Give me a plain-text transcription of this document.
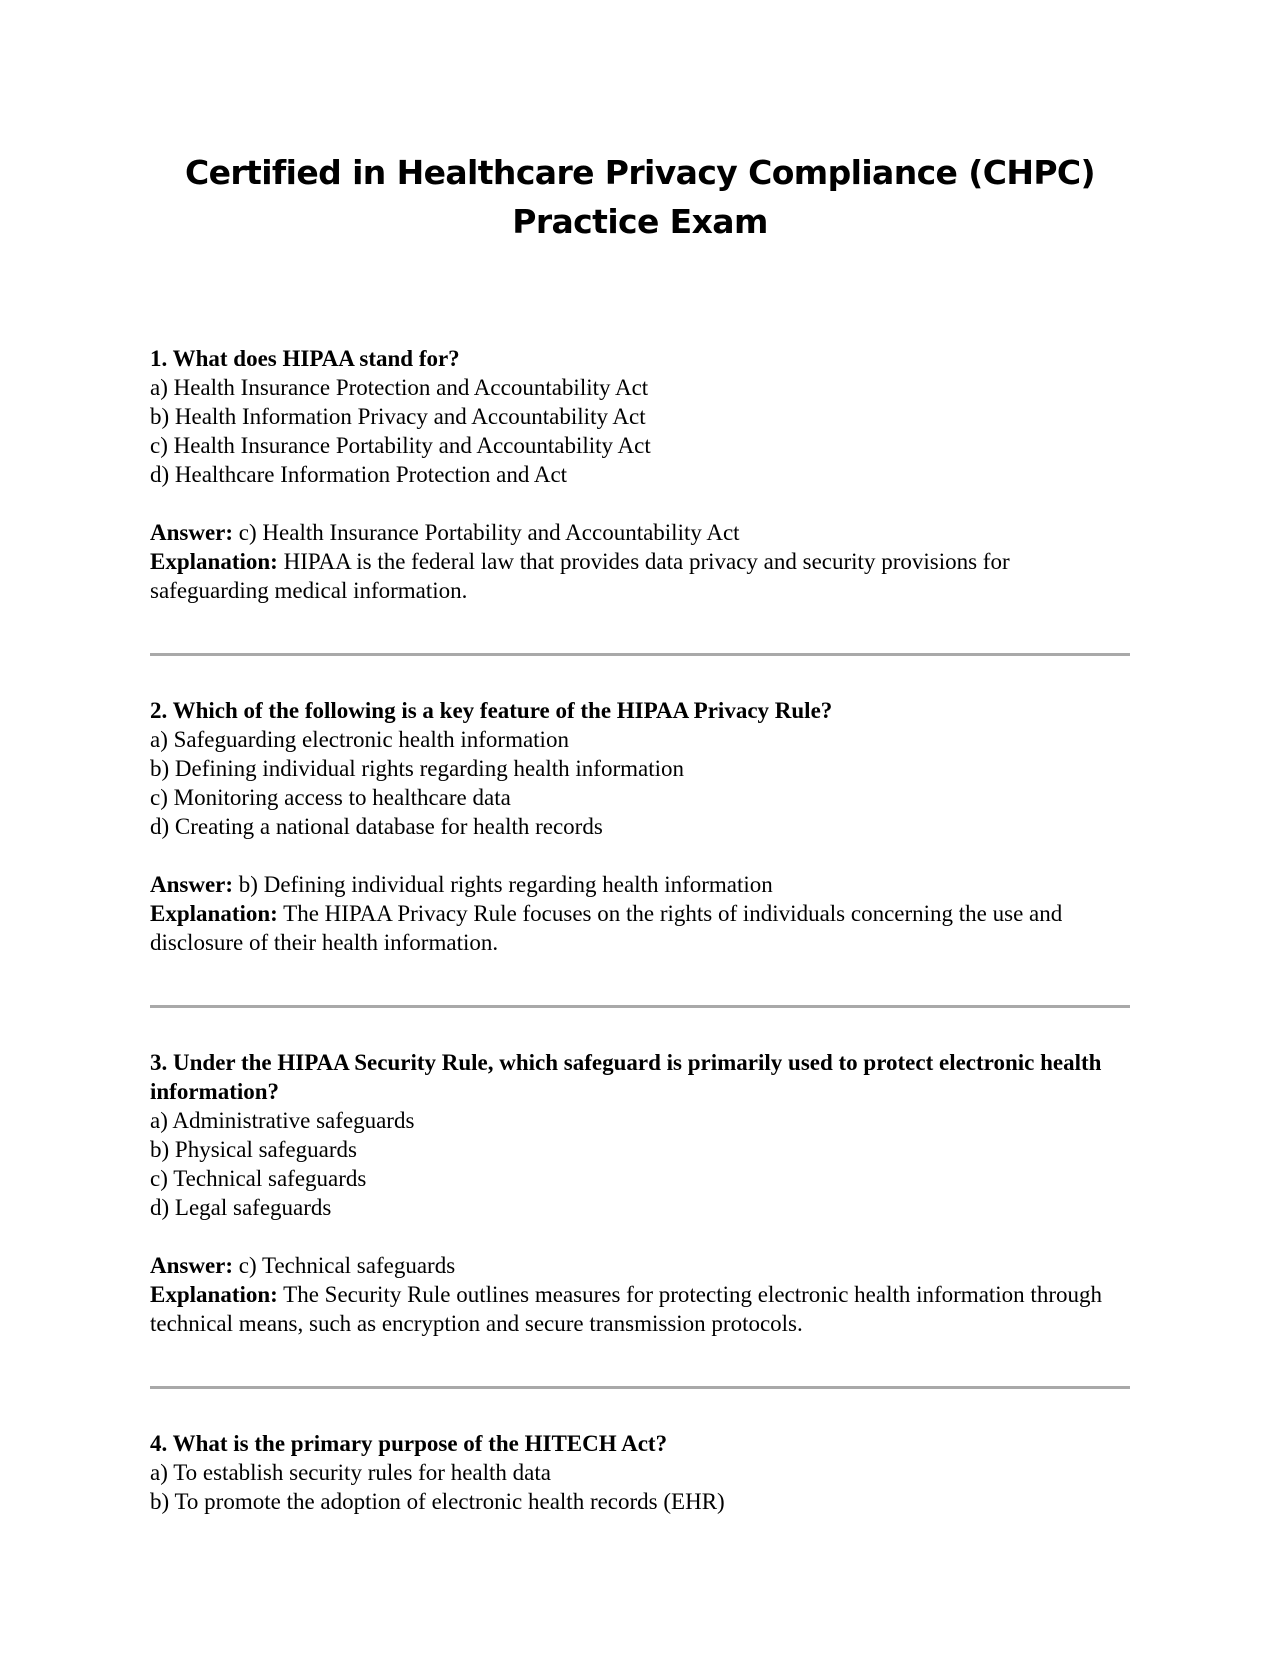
Certified in Healthcare Privacy Compliance (CHPC) Practice Exam

1. What does HIPAA stand for?

a) Health Insurance Protection and Accountability Act

b) Health Information Privacy and Accountability Act

c) Health Insurance Portability and Accountability Act

d) Healthcare Information Protection and Act

Answer: c) Health Insurance Portability and Accountability Act

Explanation: HIPAA is the federal law that provides data privacy and security provisions for safeguarding medical information.

2. Which of the following is a key feature of the HIPAA Privacy Rule?

a) Safeguarding electronic health information

b) Defining individual rights regarding health information

c) Monitoring access to healthcare data

d) Creating a national database for health records

Answer: b) Defining individual rights regarding health information

Explanation: The HIPAA Privacy Rule focuses on the rights of individuals concerning the use and disclosure of their health information.

3. Under the HIPAA Security Rule, which safeguard is primarily used to protect electronic health information?

a) Administrative safeguards

b) Physical safeguards

c) Technical safeguards

d) Legal safeguards

Answer: c) Technical safeguards

Explanation: The Security Rule outlines measures for protecting electronic health information through technical means, such as encryption and secure transmission protocols.

4. What is the primary purpose of the HITECH Act?

a) To establish security rules for health data

b) To promote the adoption of electronic health records (EHR)
